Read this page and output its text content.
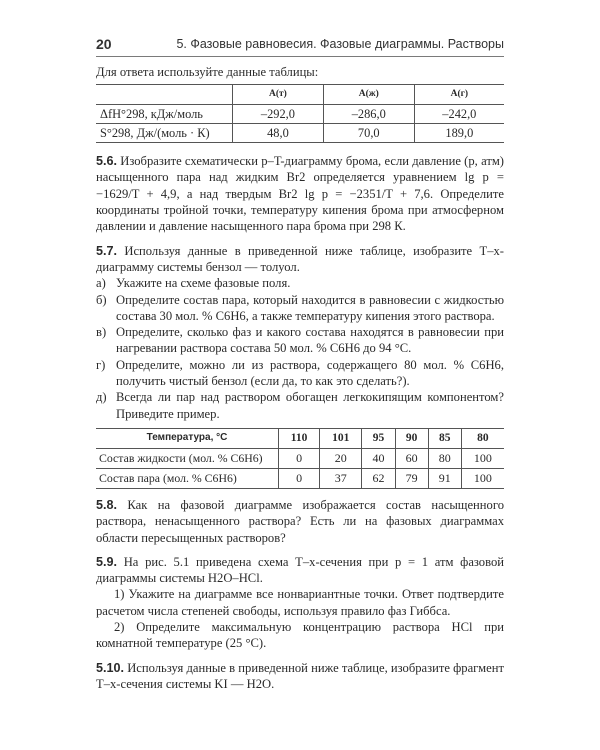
20	5. Фазовые равновесия. Фазовые диаграммы. Растворы

Для ответа используйте данные таблицы:

	А(т)	А(ж)	А(г)
ΔfH°298, кДж/моль	–292,0	–286,0	–242,0
S°298, Дж/(моль · К)	48,0	70,0	189,0

5.6. Изобразите схематически p–T-диаграмму брома, если давление (p, атм) насыщенного пара над жидким Br2 определяется уравнением lg p = −1629/T + 4,9, а над твердым Br2 lg p = −2351/T + 7,6. Определите координаты тройной точки, температуру кипения брома при атмосферном давлении и давление насыщенного пара брома при 298 К.

5.7. Используя данные в приведенной ниже таблице, изобразите T–x-диаграмму системы бензол — толуол.

а) Укажите на схеме фазовые поля.
б) Определите состав пара, который находится в равновесии с жидкостью состава 30 мол. % C6H6, а также температуру кипения этого раствора.
в) Определите, сколько фаз и какого состава находятся в равновесии при нагревании раствора состава 50 мол. % C6H6 до 94 °С.
г) Определите, можно ли из раствора, содержащего 80 мол. % C6H6, получить чистый бензол (если да, то как это сделать?).
д) Всегда ли пар над раствором обогащен легкокипящим компонентом? Приведите пример.
Температура, °С	110	101	95	90	85	80
Состав жидкости (мол. % C6H6)	0	20	40	60	80	100
Состав пара (мол. % C6H6)	0	37	62	79	91	100

5.8. Как на фазовой диаграмме изображается состав насыщенного раствора, ненасыщенного раствора? Есть ли на фазовых диаграммах области пересыщенных растворов?

5.9. На рис. 5.1 приведена схема T–x-сечения при p = 1 атм фазовой диаграммы системы H2O–HCl.

1) Укажите на диаграмме все нонвариантные точки. Ответ подтвердите расчетом числа степеней свободы, используя правило фаз Гиббса.

2) Определите максимальную концентрацию раствора HCl при комнатной температуре (25 °С).

5.10. Используя данные в приведенной ниже таблице, изобразите фрагмент T–x-сечения системы KI — H2O.
